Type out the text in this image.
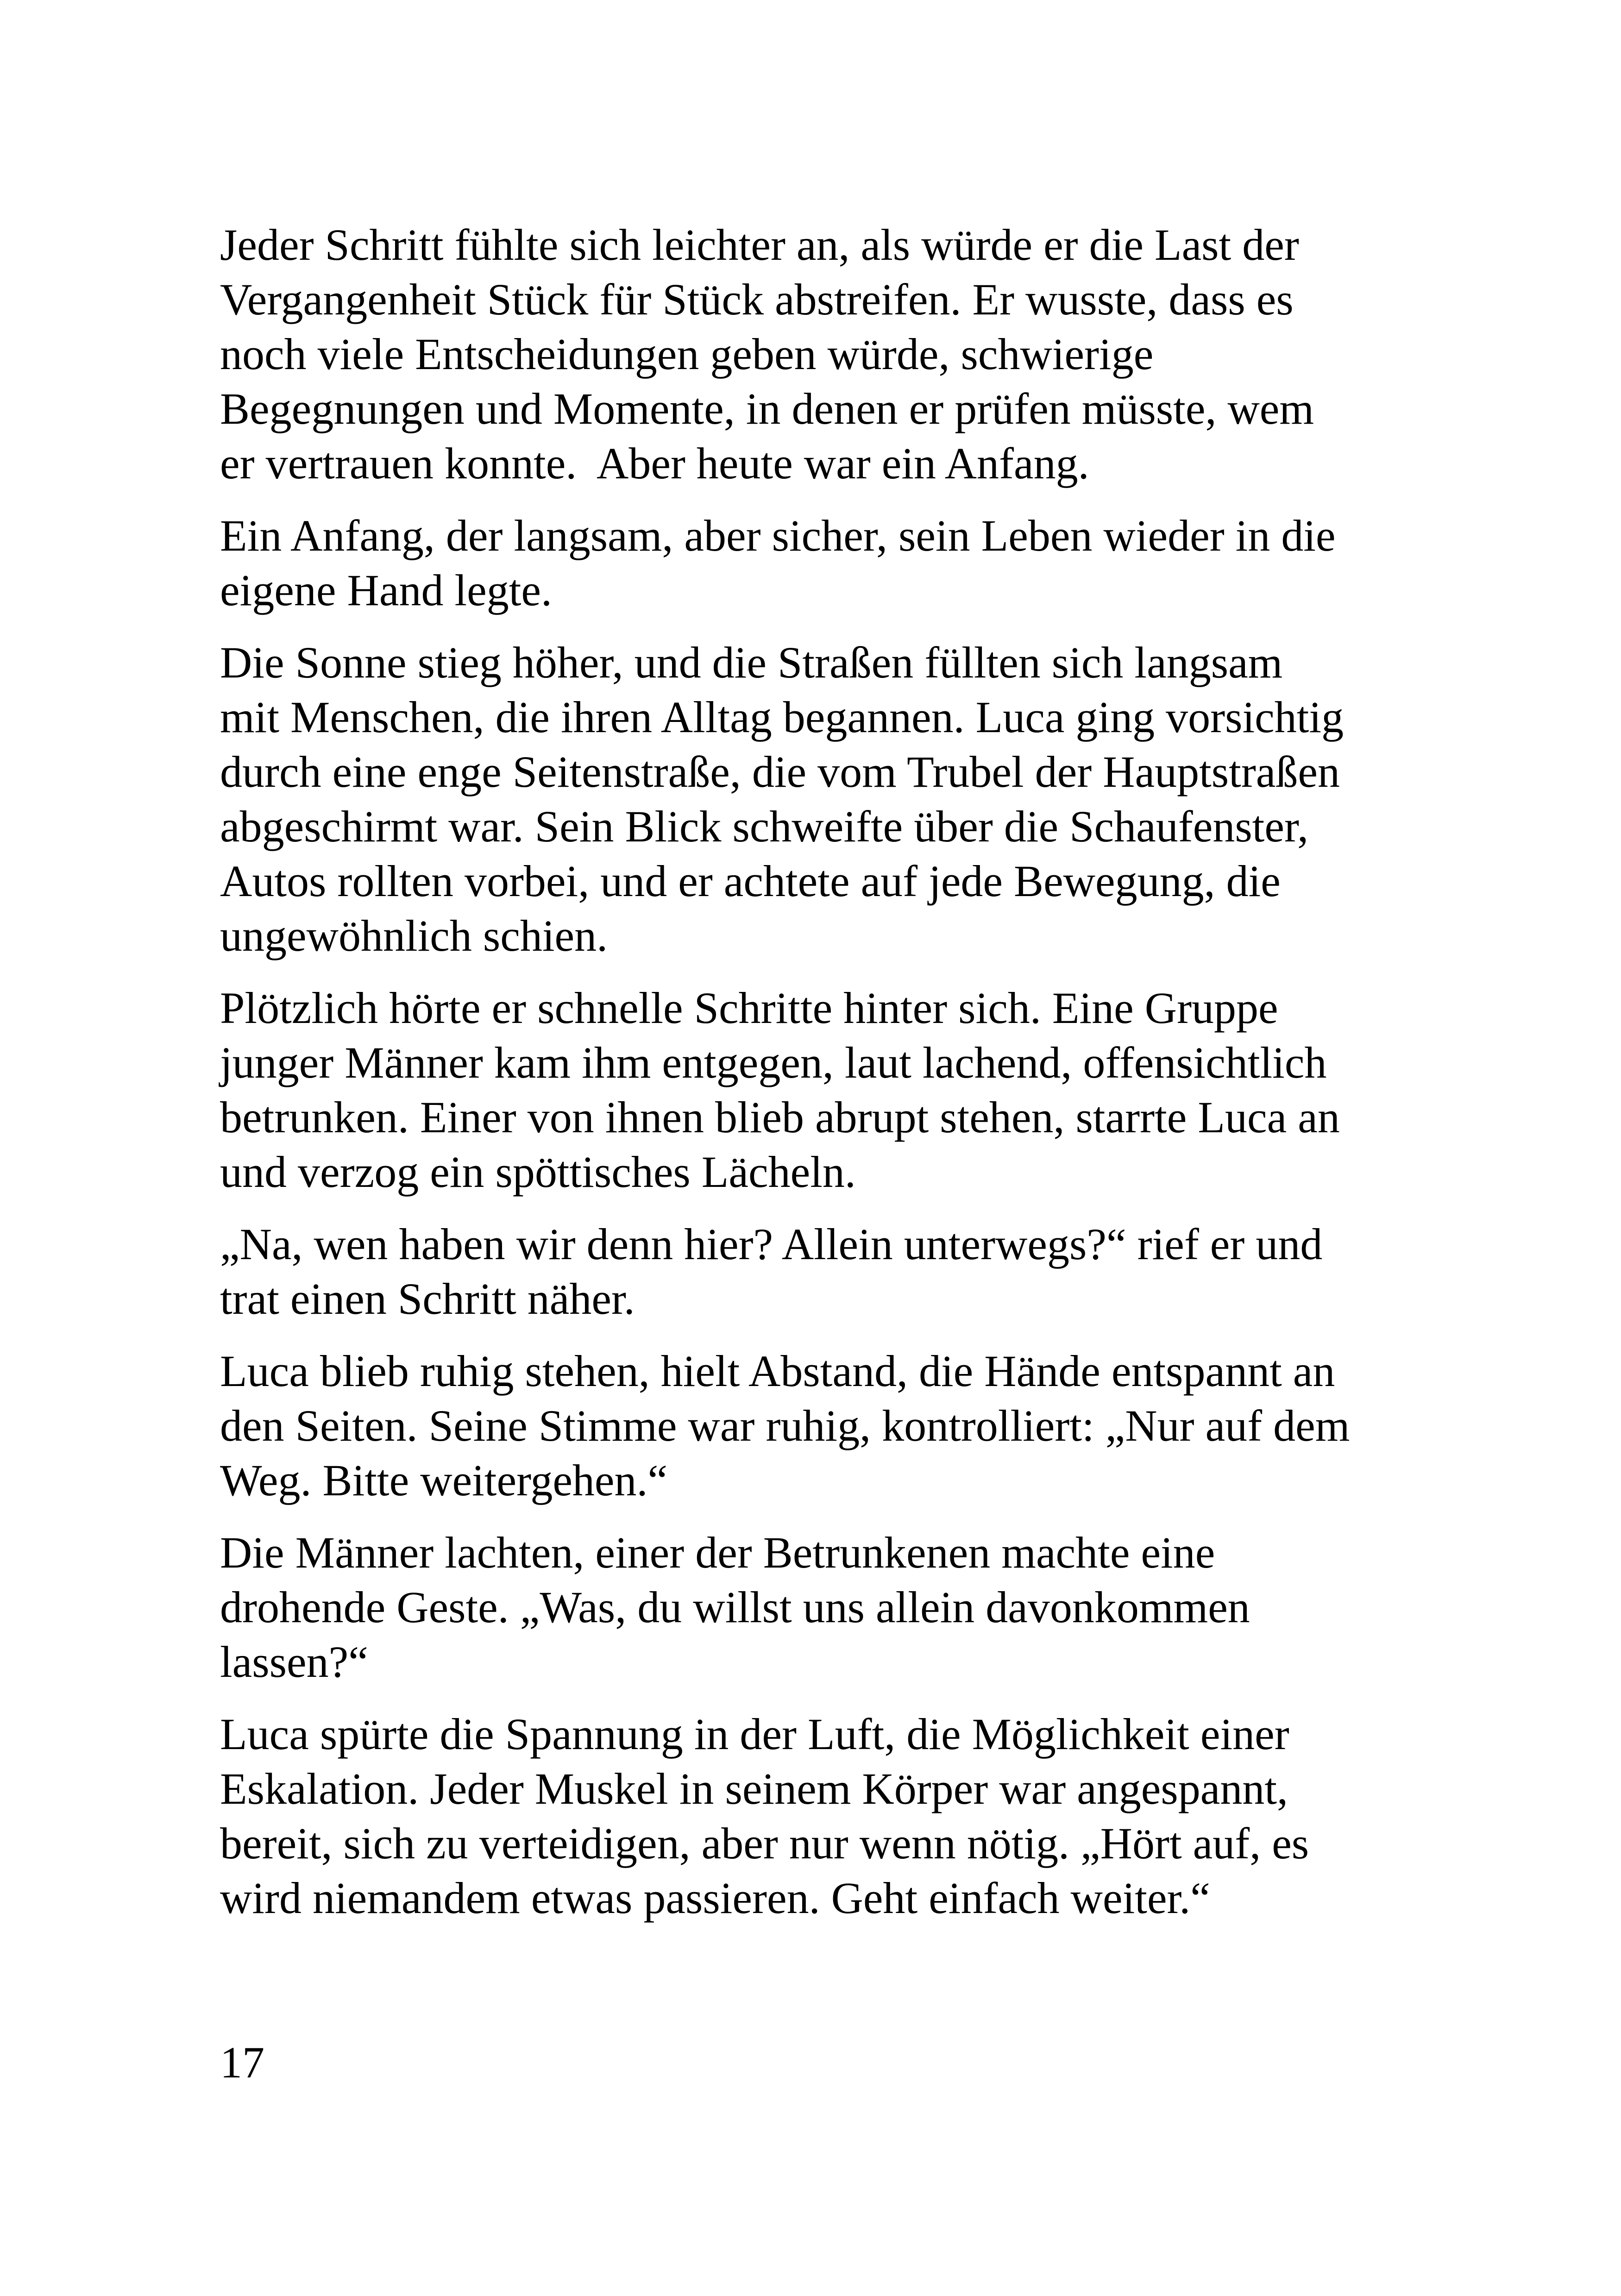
Jeder Schritt fühlte sich leichter an, als würde er die Last der
Vergangenheit Stück für Stück abstreifen. Er wusste, dass es
noch viele Entscheidungen geben würde, schwierige
Begegnungen und Momente, in denen er prüfen müsste, wem
er vertrauen konnte.  Aber heute war ein Anfang.

Ein Anfang, der langsam, aber sicher, sein Leben wieder in die
eigene Hand legte.

Die Sonne stieg höher, und die Straßen füllten sich langsam
mit Menschen, die ihren Alltag begannen. Luca ging vorsichtig
durch eine enge Seitenstraße, die vom Trubel der Hauptstraßen
abgeschirmt war. Sein Blick schweifte über die Schaufenster,
Autos rollten vorbei, und er achtete auf jede Bewegung, die
ungewöhnlich schien.

Plötzlich hörte er schnelle Schritte hinter sich. Eine Gruppe
junger Männer kam ihm entgegen, laut lachend, offensichtlich
betrunken. Einer von ihnen blieb abrupt stehen, starrte Luca an
und verzog ein spöttisches Lächeln.

„Na, wen haben wir denn hier? Allein unterwegs?“ rief er und
trat einen Schritt näher.

Luca blieb ruhig stehen, hielt Abstand, die Hände entspannt an
den Seiten. Seine Stimme war ruhig, kontrolliert: „Nur auf dem
Weg. Bitte weitergehen.“

Die Männer lachten, einer der Betrunkenen machte eine
drohende Geste. „Was, du willst uns allein davonkommen
lassen?“

Luca spürte die Spannung in der Luft, die Möglichkeit einer
Eskalation. Jeder Muskel in seinem Körper war angespannt,
bereit, sich zu verteidigen, aber nur wenn nötig. „Hört auf, es
wird niemandem etwas passieren. Geht einfach weiter.“

17
